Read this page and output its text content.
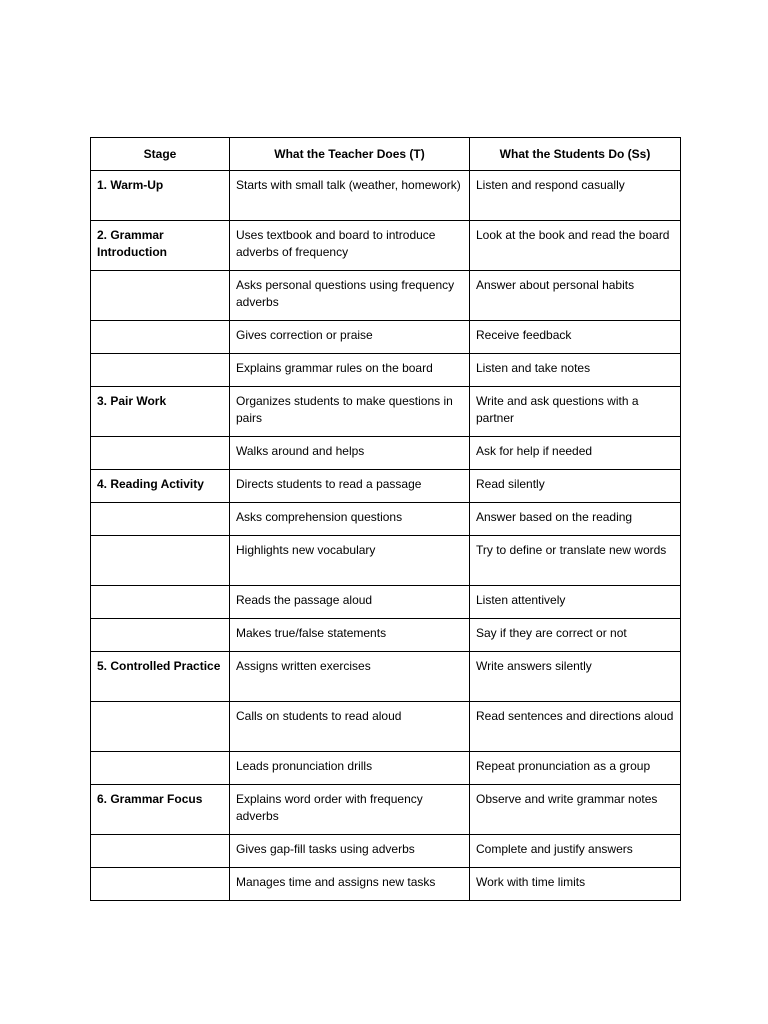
Stage	What the Teacher Does (T)	What the Students Do (Ss)
1. Warm-Up	Starts with small talk (weather, homework)	Listen and respond casually
2. Grammar Introduction	Uses textbook and board to introduce adverbs of frequency	Look at the book and read the board
	Asks personal questions using frequency adverbs	Answer about personal habits
	Gives correction or praise	Receive feedback
	Explains grammar rules on the board	Listen and take notes
3. Pair Work	Organizes students to make questions in pairs	Write and ask questions with a partner
	Walks around and helps	Ask for help if needed
4. Reading Activity	Directs students to read a passage	Read silently
	Asks comprehension questions	Answer based on the reading
	Highlights new vocabulary	Try to define or translate new words
	Reads the passage aloud	Listen attentively
	Makes true/false statements	Say if they are correct or not
5. Controlled Practice	Assigns written exercises	Write answers silently
	Calls on students to read aloud	Read sentences and directions aloud
	Leads pronunciation drills	Repeat pronunciation as a group
6. Grammar Focus	Explains word order with frequency adverbs	Observe and write grammar notes
	Gives gap-fill tasks using adverbs	Complete and justify answers
	Manages time and assigns new tasks	Work with time limits
